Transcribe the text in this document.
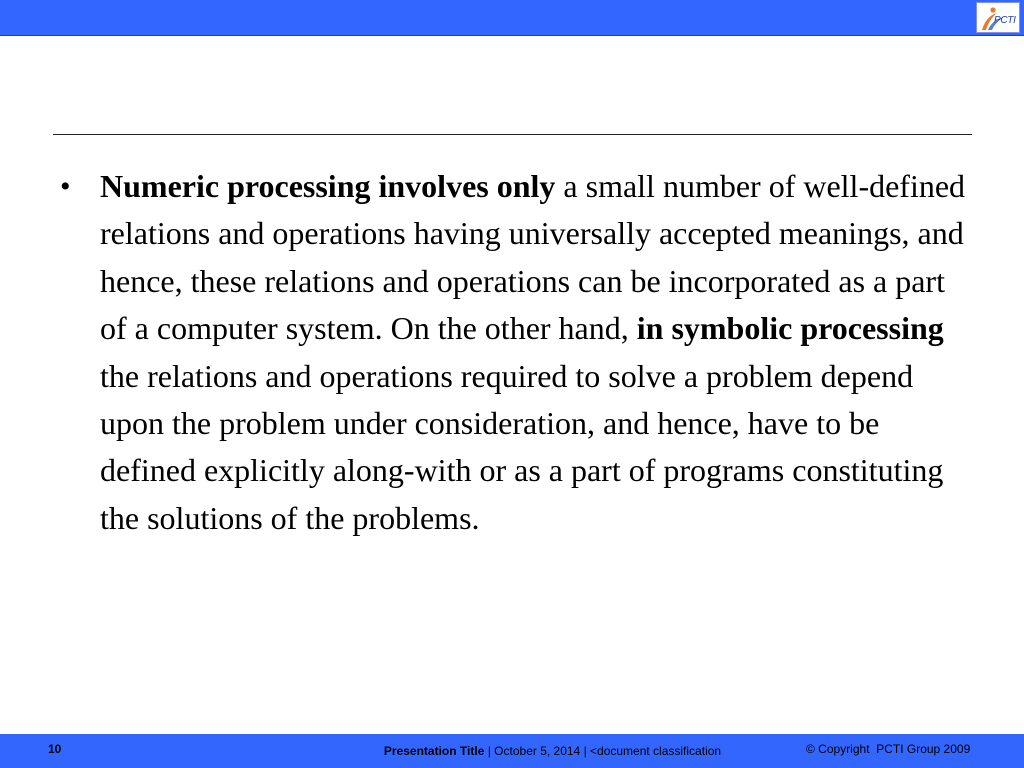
PCTI
• Numeric processing involves only a small number of well-defined relations and operations having universally accepted meanings, and hence, these relations and operations can be incorporated as a part of a computer system. On the other hand, in symbolic processing the relations and operations required to solve a problem depend upon the problem under consideration, and hence, have to be defined explicitly along-with or as a part of programs constituting the solutions of the problems.

10	Presentation Title | October 5, 2014 | <document classification	© Copyright  PCTI Group 2009
